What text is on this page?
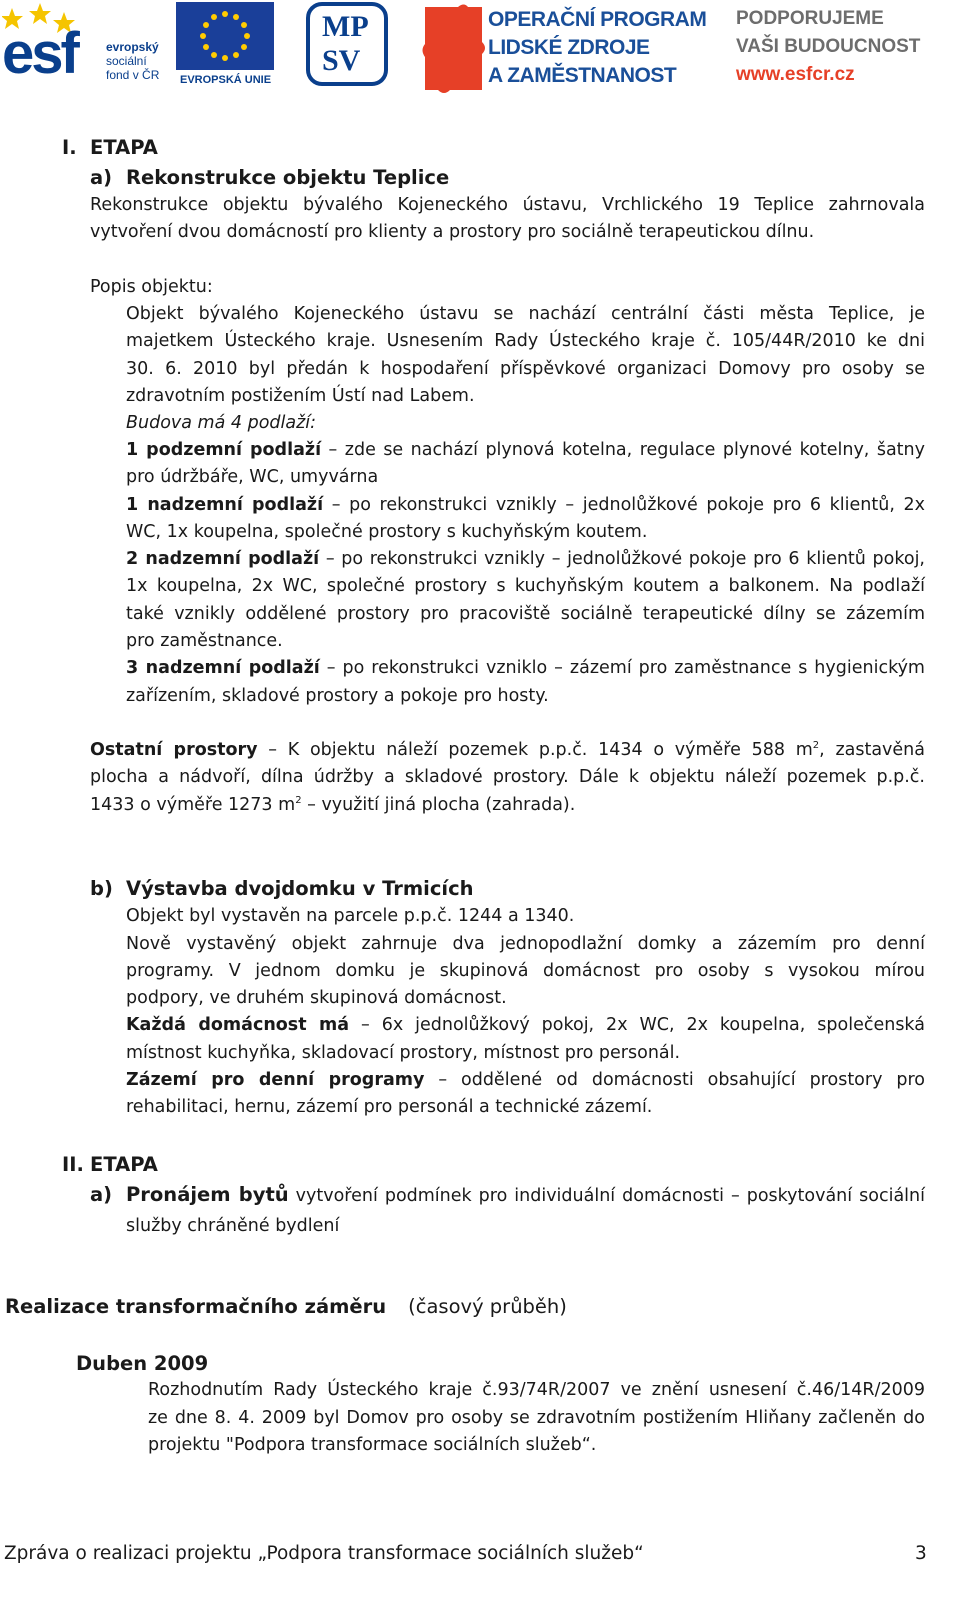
esf evropský
sociální
fond v ČR EVROPSKÁ UNIE
MP
SV
OPERAČNÍ PROGRAM
LIDSKÉ ZDROJE
A ZAMĚSTNANOST
PODPORUJEME
VAŠI BUDOUCNOST
www.esfcr.cz
I. ETAPA
a) Rekonstrukce objektu Teplice
Rekonstrukce objektu bývalého Kojeneckého ústavu, Vrchlického 19 Teplice zahrnovala
vytvoření dvou domácností pro klienty a prostory pro sociálně terapeutickou dílnu.
Popis objektu:
Objekt bývalého Kojeneckého ústavu se nachází centrální části města Teplice, je
majetkem Ústeckého kraje. Usnesením Rady Ústeckého kraje č. 105/44R/2010 ke dni
30. 6. 2010 byl předán k hospodaření příspěvkové organizaci Domovy pro osoby se
zdravotním postižením Ústí nad Labem.
Budova má 4 podlaží:
1 podzemní podlaží – zde se nachází plynová kotelna, regulace plynové kotelny, šatny
pro údržbáře, WC, umyvárna
1 nadzemní podlaží – po rekonstrukci vznikly – jednolůžkové pokoje pro 6 klientů, 2x
WC, 1x koupelna, společné prostory s kuchyňským koutem.
2 nadzemní podlaží – po rekonstrukci vznikly – jednolůžkové pokoje pro 6 klientů pokoj,
1x koupelna, 2x WC, společné prostory s kuchyňským koutem a balkonem. Na podlaží
také vznikly oddělené prostory pro pracoviště sociálně terapeutické dílny se zázemím
pro zaměstnance.
3 nadzemní podlaží – po rekonstrukci vzniklo – zázemí pro zaměstnance s hygienickým
zařízením, skladové prostory a pokoje pro hosty.
Ostatní prostory – K objektu náleží pozemek p.p.č. 1434 o výměře 588 $m^2$, zastavěná
plocha a nádvoří, dílna údržby a skladové prostory. Dále k objektu náleží pozemek p.p.č.
1433 o výměře 1273 $m^2$ – využití jiná plocha (zahrada).
b) Výstavba dvojdomku v Trmicích
Objekt byl vystavěn na parcele p.p.č. 1244 a 1340.
Nově vystavěný objekt zahrnuje dva jednopodlažní domky a zázemím pro denní
programy. V jednom domku je skupinová domácnost pro osoby s vysokou mírou
podpory, ve druhém skupinová domácnost.
Každá domácnost má – 6x jednolůžkový pokoj, 2x WC, 2x koupelna, společenská
místnost kuchyňka, skladovací prostory, místnost pro personál.
Zázemí pro denní programy – oddělené od domácnosti obsahující prostory pro
rehabilitaci, hernu, zázemí pro personál a technické zázemí.
II. ETAPA
a) Pronájem bytů vytvoření podmínek pro individuální domácnosti – poskytování sociální
služby chráněné bydlení
Realizace transformačního záměru (časový průběh)
Duben 2009
Rozhodnutím Rady Ústeckého kraje č.93/74R/2007 ve znění usnesení č.46/14R/2009
ze dne 8. 4. 2009 byl Domov pro osoby se zdravotním postižením Hliňany začleněn do
projektu "Podpora transformace sociálních služeb“.
Zpráva o realizaci projektu „Podpora transformace sociálních služeb“	3
